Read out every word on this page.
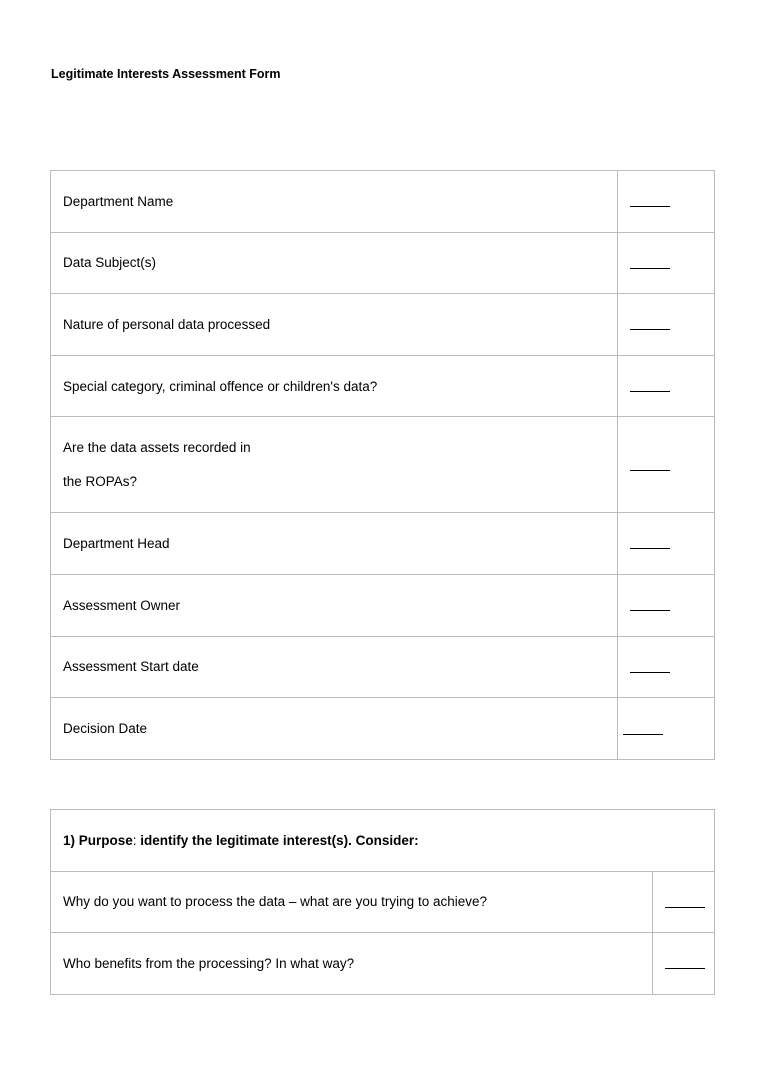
Legitimate Interests Assessment Form
Department Name	

Data Subject(s)	

Nature of personal data processed	

Special category, criminal offence or children's data?	

Are the data assets recorded in
the ROPAs?	

Department Head	

Assessment Owner	

Assessment Start date	

Decision Date	
1) Purpose: identify the legitimate interest(s). Consider:	
Why do you want to process the data – what are you trying to achieve?	

Who benefits from the processing? In what way?	
